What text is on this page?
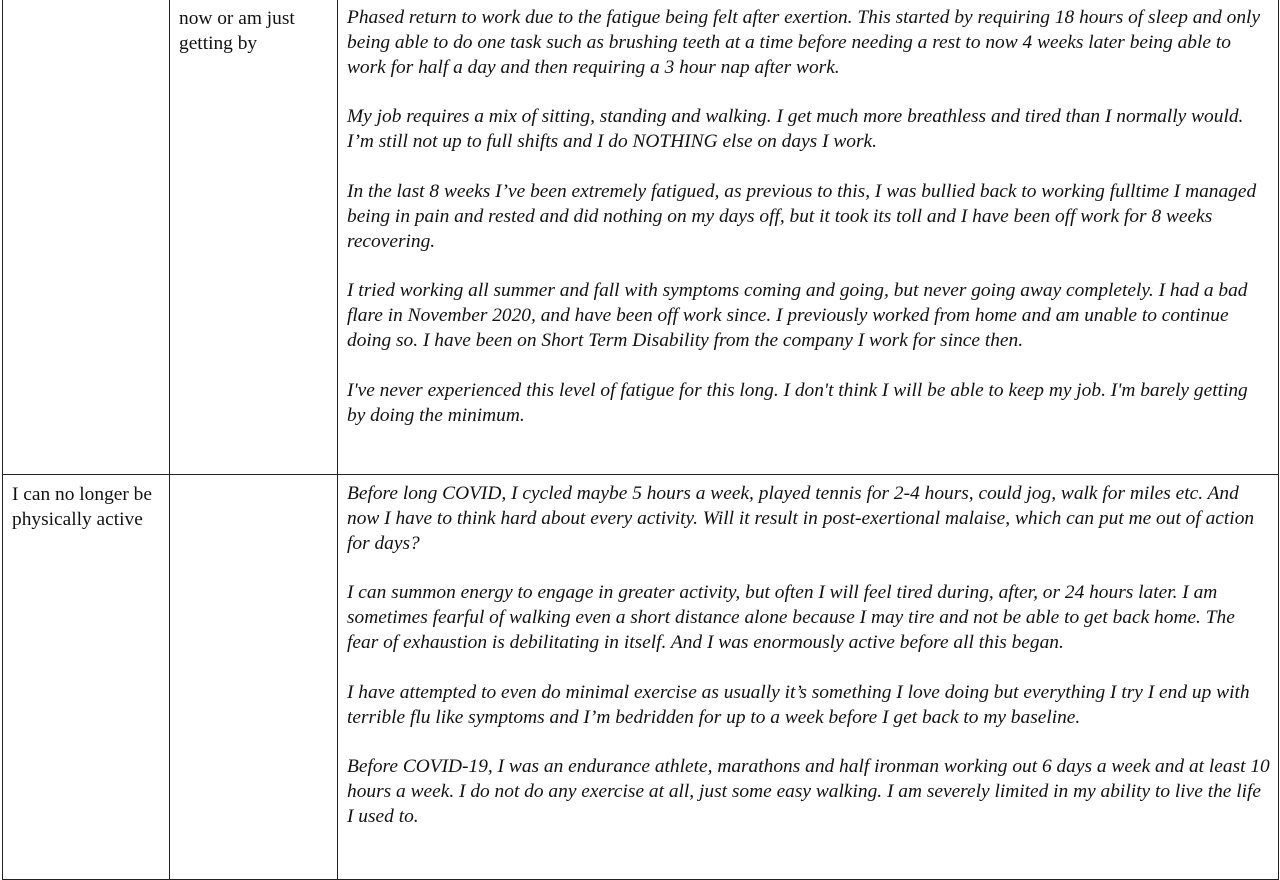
	now or am just getting by	Phased return to work due to the fatigue being felt after exertion. This started by requiring 18 hours of sleep and only being able to do one task such as brushing teeth at a time before needing a rest to now 4 weeks later being able to work for half a day and then requiring a 3 hour nap after work.

My job requires a mix of sitting, standing and walking. I get much more breathless and tired than I normally would. I’m still not up to full shifts and I do NOTHING else on days I work.

In the last 8 weeks I’ve been extremely fatigued, as previous to this, I was bullied back to working fulltime I managed being in pain and rested and did nothing on my days off, but it took its toll and I have been off work for 8 weeks recovering.

I tried working all summer and fall with symptoms coming and going, but never going away completely. I had a bad flare in November 2020, and have been off work since. I previously worked from home and am unable to continue doing so. I have been on Short Term Disability from the company I work for since then.

I've never experienced this level of fatigue for this long. I don't think I will be able to keep my job. I'm barely getting by doing the minimum.

I can no longer be physically active		Before long COVID, I cycled maybe 5 hours a week, played tennis for 2-4 hours, could jog, walk for miles etc. And now I have to think hard about every activity. Will it result in post-exertional malaise, which can put me out of action for days?

I can summon energy to engage in greater activity, but often I will feel tired during, after, or 24 hours later. I am sometimes fearful of walking even a short distance alone because I may tire and not be able to get back home. The fear of exhaustion is debilitating in itself. And I was enormously active before all this began.

I have attempted to even do minimal exercise as usually it’s something I love doing but everything I try I end up with terrible flu like symptoms and I’m bedridden for up to a week before I get back to my baseline.

Before COVID-19, I was an endurance athlete, marathons and half ironman working out 6 days a week and at least 10 hours a week. I do not do any exercise at all, just some easy walking. I am severely limited in my ability to live the life I used to.
